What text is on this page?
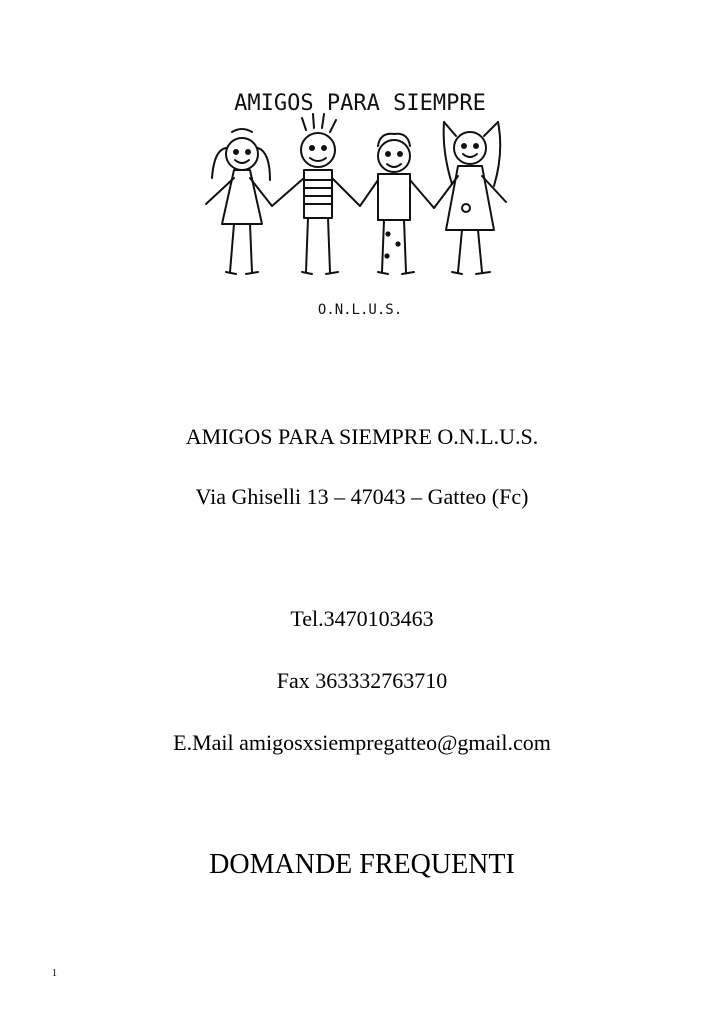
AMIGOS PARA SIEMPRE
O.N.L.U.S.
AMIGOS PARA SIEMPRE O.N.L.U.S.
Via Ghiselli 13 – 47043 – Gatteo (Fc)
Tel.3470103463
Fax 363332763710
E.Mail amigosxsiempregatteo@gmail.com
DOMANDE FREQUENTI
1
